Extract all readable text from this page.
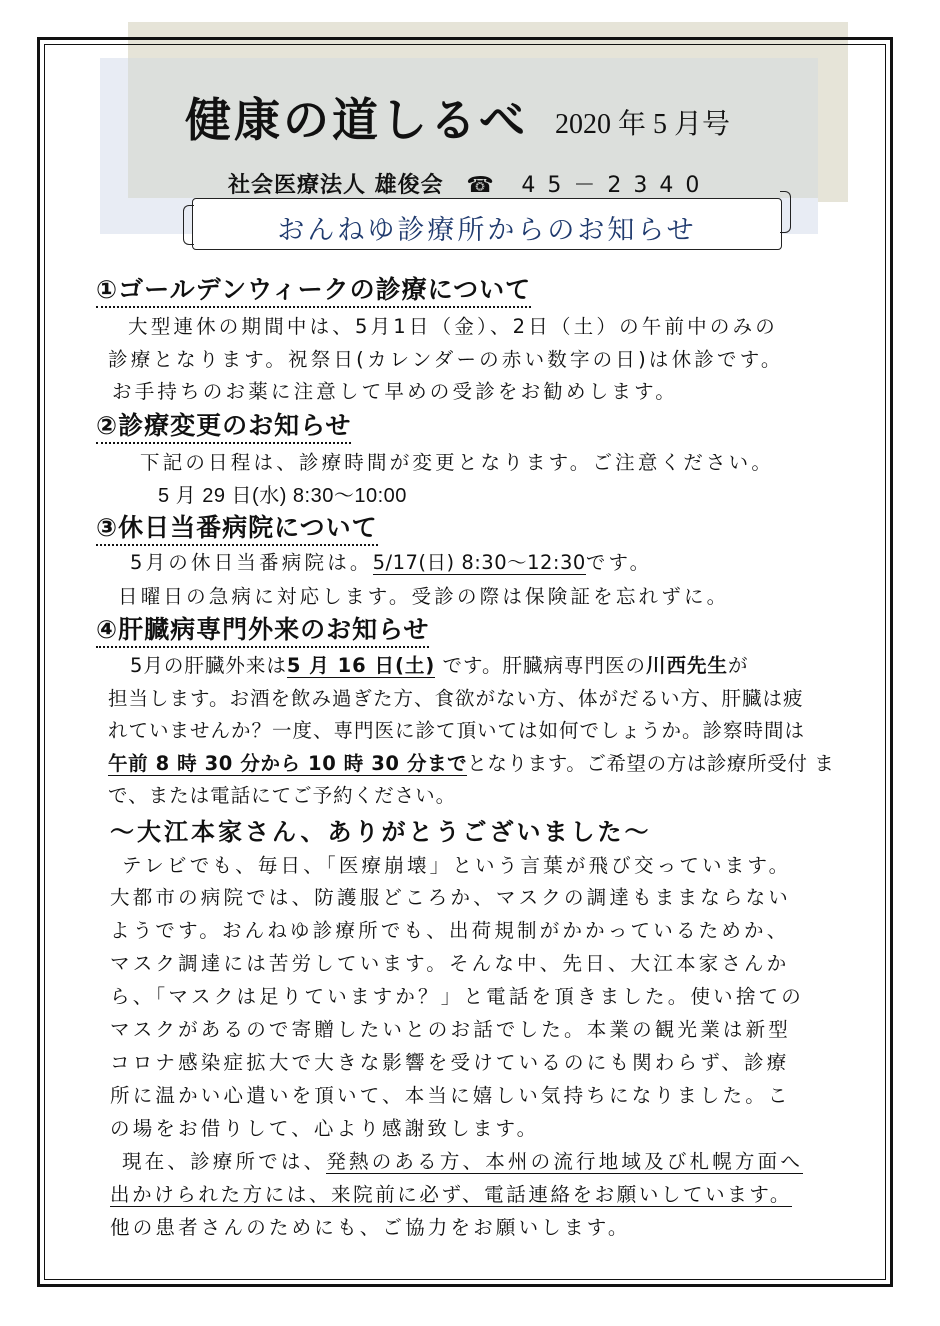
健康の道しるべ 2020 年 5 月号
社会医療法人 雄俊会 ☎ 45－2340
おんねゆ診療所からのお知らせ
①ゴールデンウィークの診療について
大型連休の期間中は、5月1日（金）、2日（土）の午前中のみの
診療となります。祝祭日(カレンダーの赤い数字の日)は休診です。
お手持ちのお薬に注意して早めの受診をお勧めします。
②診療変更のお知らせ
下記の日程は、診療時間が変更となります。ご注意ください。
5 月 29 日(水) 8:30～10:00
③休日当番病院について
5月の休日当番病院は。5/17(日) 8:30～12:30です。
日曜日の急病に対応します。受診の際は保険証を忘れずに。
④肝臓病専門外来のお知らせ
5月の肝臓外来は5 月 16 日(土) です。肝臓病専門医の川西先生が
担当します。お酒を飲み過ぎた方、食欲がない方、体がだるい方、肝臓は疲
れていませんか？一度、専門医に診て頂いては如何でしょうか。診察時間は
午前 8 時 30 分から 10 時 30 分までとなります。ご希望の方は診療所受付 ま
で、または電話にてご予約ください。
～大江本家さん、ありがとうございました～
テレビでも、毎日、「医療崩壊」という言葉が飛び交っています。
大都市の病院では、防護服どころか、マスクの調達もままならない
ようです。おんねゆ診療所でも、出荷規制がかかっているためか、
マスク調達には苦労しています。そんな中、先日、大江本家さんか
ら、「マスクは足りていますか？」と電話を頂きました。使い捨ての
マスクがあるので寄贈したいとのお話でした。本業の観光業は新型
コロナ感染症拡大で大きな影響を受けているのにも関わらず、診療
所に温かい心遣いを頂いて、本当に嬉しい気持ちになりました。こ
の場をお借りして、心より感謝致します。
現在、診療所では、発熱のある方、本州の流行地域及び札幌方面へ
出かけられた方には、来院前に必ず、電話連絡をお願いしています。
他の患者さんのためにも、ご協力をお願いします。
